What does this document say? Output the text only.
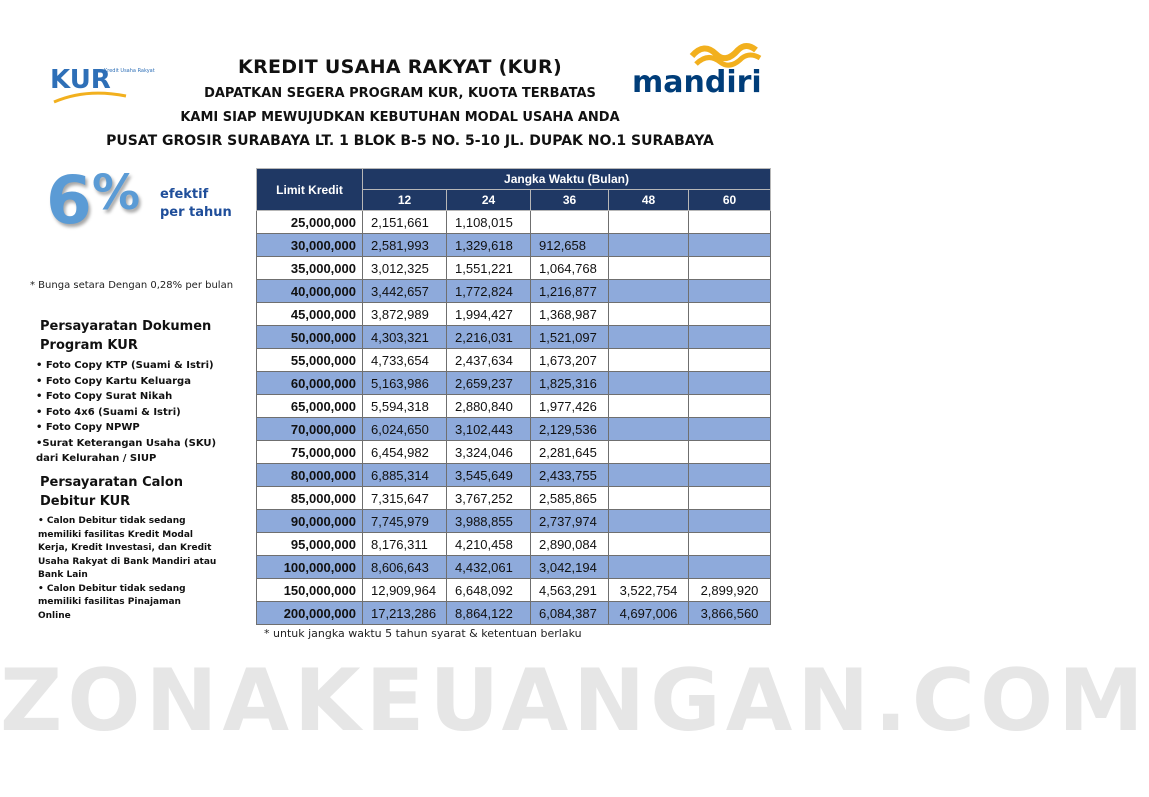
KUR
Kredit Usaha Rakyat	mandiri
KREDIT USAHA RAKYAT (KUR)
DAPATKAN SEGERA PROGRAM KUR, KUOTA TERBATAS
KAMI SIAP MEWUJUDKAN KEBUTUHAN MODAL USAHA ANDA
PUSAT GROSIR SURABAYA LT. 1 BLOK B-5 NO. 5-10 JL. DUPAK NO.1 SURABAYA
6% efektif
per tahun
* Bunga setara Dengan 0,28% per bulan
Persayaratan Dokumen
Program KUR
• Foto Copy KTP (Suami & Istri)
• Foto Copy Kartu Keluarga
• Foto Copy Surat Nikah
• Foto 4x6 (Suami & Istri)
• Foto Copy NPWP
•Surat Keterangan Usaha (SKU)
dari Kelurahan / SIUP
Persayaratan Calon
Debitur KUR
• Calon Debitur tidak sedang
memiliki fasilitas Kredit Modal
Kerja, Kredit Investasi, dan Kredit
Usaha Rakyat di Bank Mandiri atau
Bank Lain
• Calon Debitur tidak sedang
memiliki fasilitas Pinajaman
Online
Limit Kredit	Jangka Waktu (Bulan)				
	12	24	36	48	60
25,000,000	2,151,661	1,108,015			
30,000,000	2,581,993	1,329,618	912,658		
35,000,000	3,012,325	1,551,221	1,064,768		
40,000,000	3,442,657	1,772,824	1,216,877		
45,000,000	3,872,989	1,994,427	1,368,987		
50,000,000	4,303,321	2,216,031	1,521,097		
55,000,000	4,733,654	2,437,634	1,673,207		
60,000,000	5,163,986	2,659,237	1,825,316		
65,000,000	5,594,318	2,880,840	1,977,426		
70,000,000	6,024,650	3,102,443	2,129,536		
75,000,000	6,454,982	3,324,046	2,281,645		
80,000,000	6,885,314	3,545,649	2,433,755		
85,000,000	7,315,647	3,767,252	2,585,865		
90,000,000	7,745,979	3,988,855	2,737,974		
95,000,000	8,176,311	4,210,458	2,890,084		
100,000,000	8,606,643	4,432,061	3,042,194		
150,000,000	12,909,964	6,648,092	4,563,291	3,522,754	2,899,920
200,000,000	17,213,286	8,864,122	6,084,387	4,697,006	3,866,560
* untuk jangka waktu 5 tahun syarat & ketentuan berlaku
ZONAKEUANGAN.COM
